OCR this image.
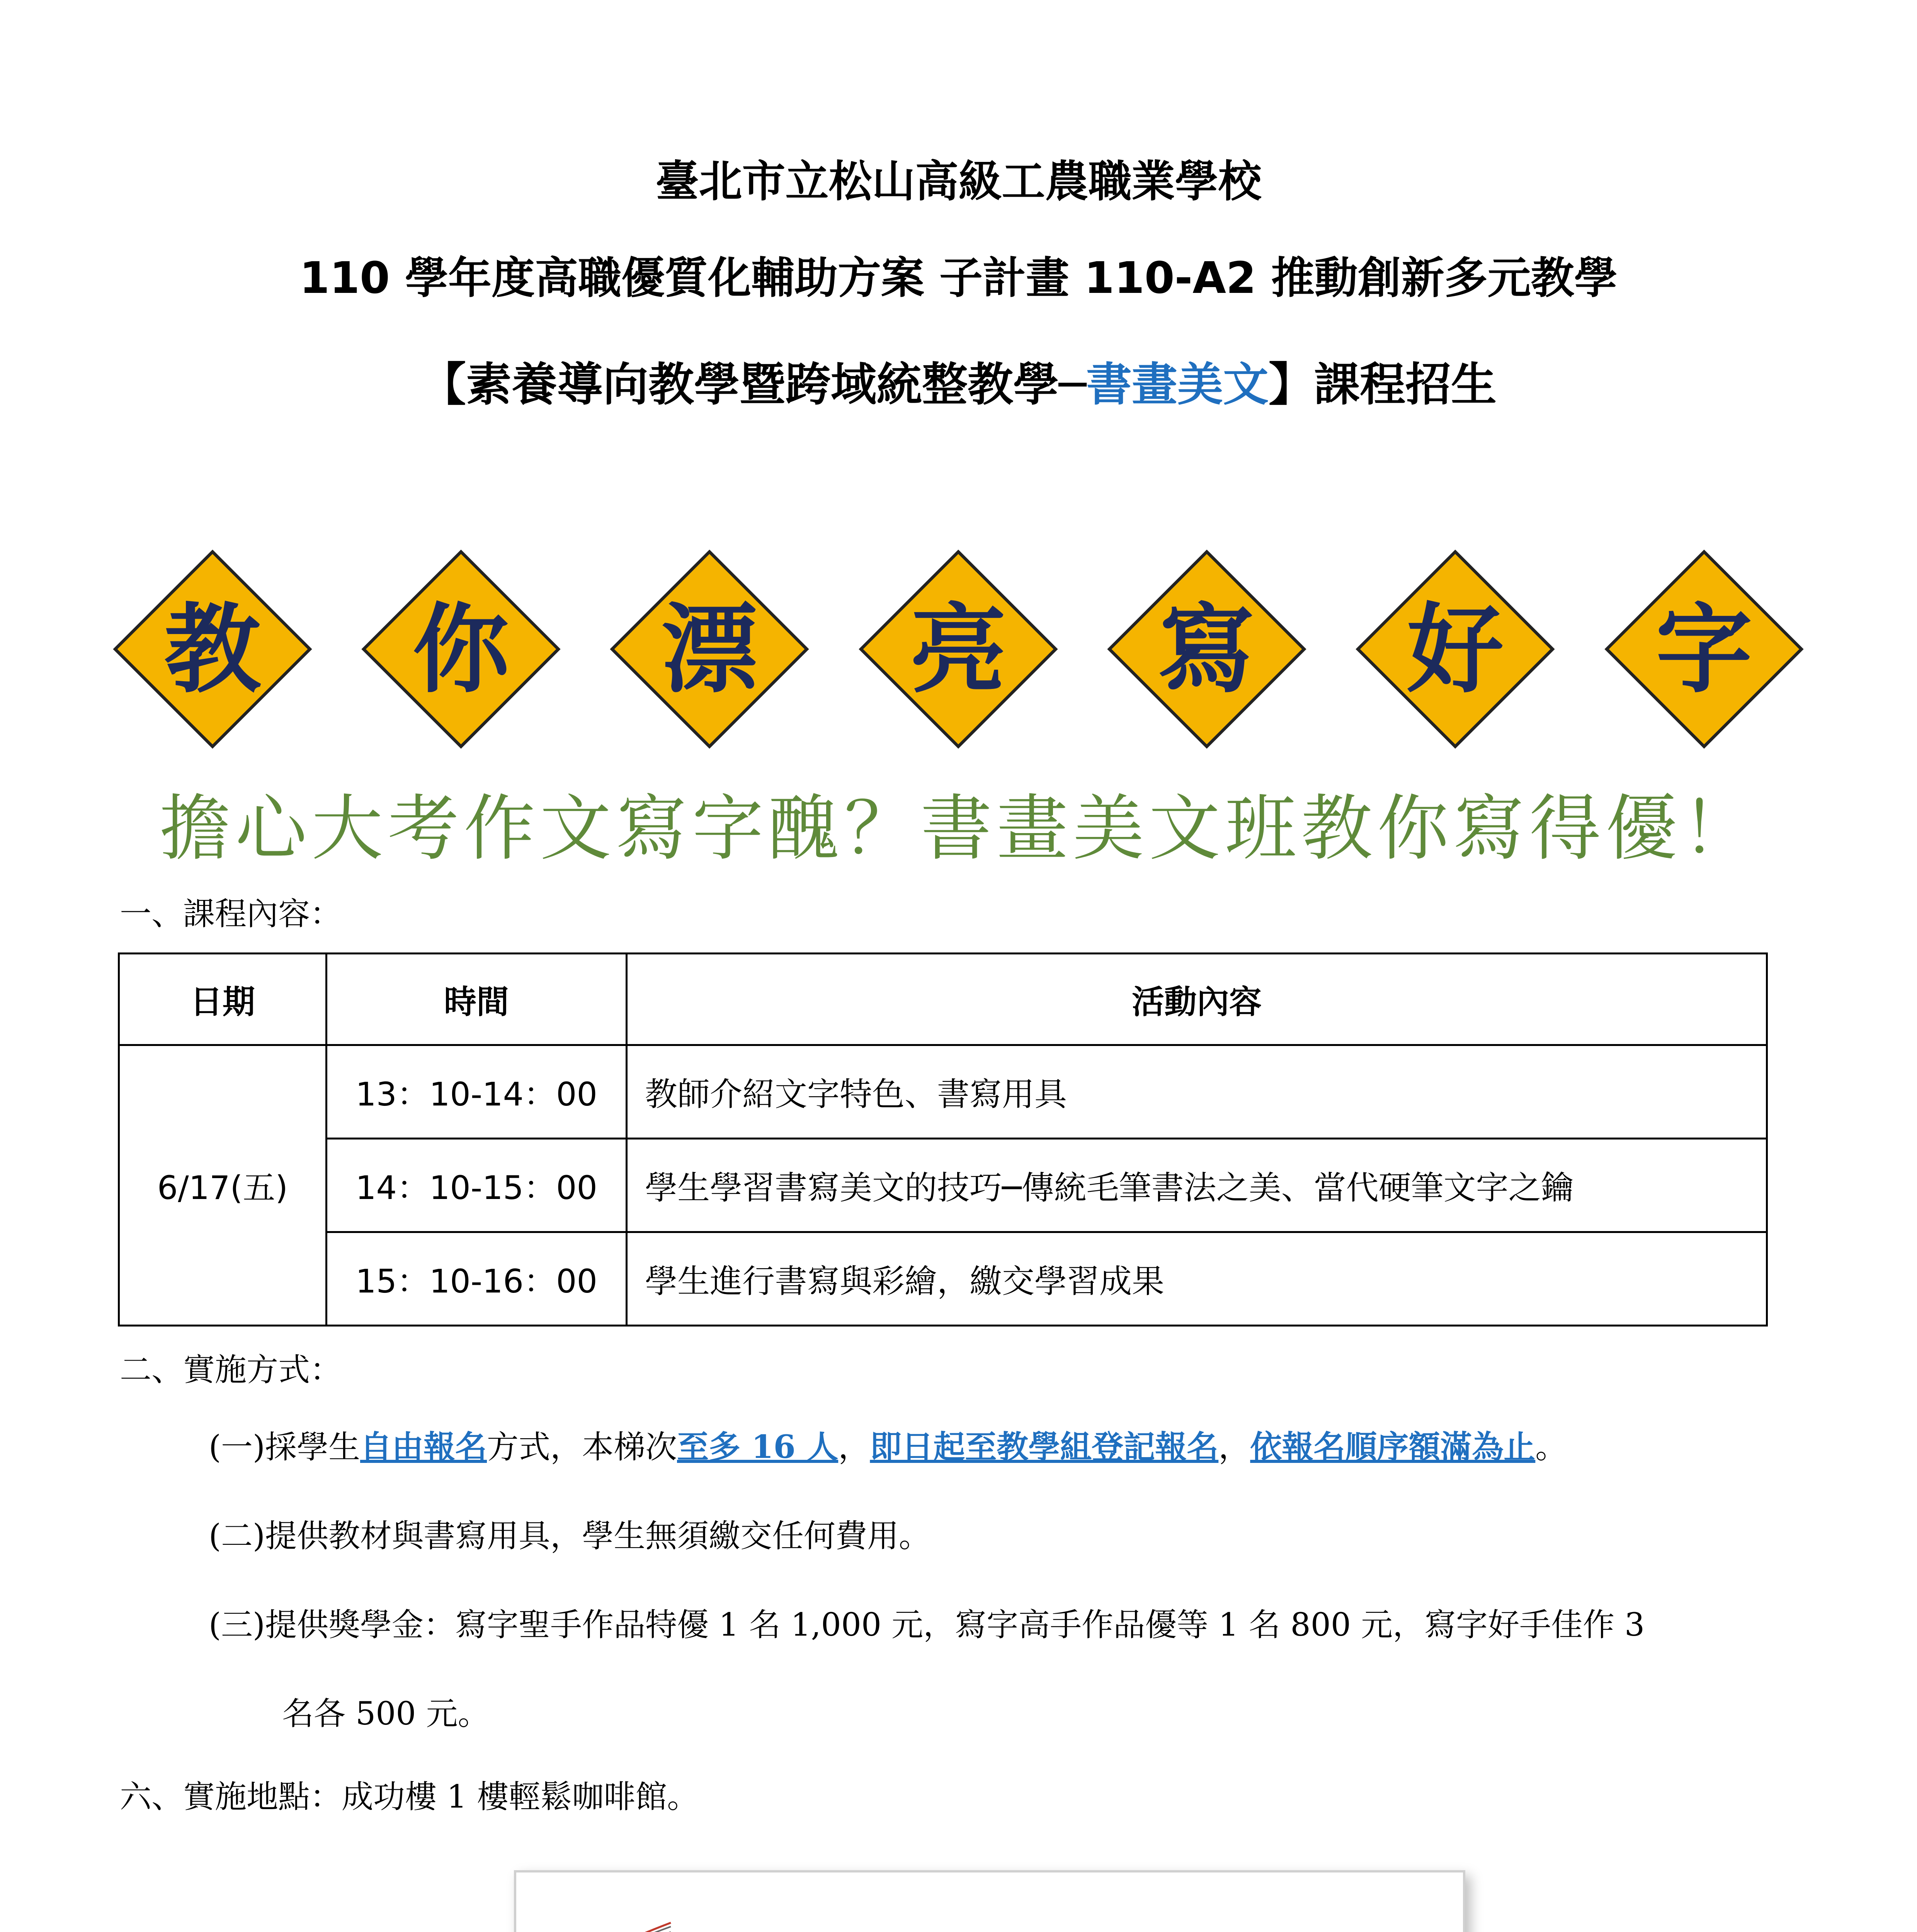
臺北市立松山高級工農職業學校
110 學年度高職優質化輔助方案 子計畫 110-A2 推動創新多元教學
【素養導向教學暨跨域統整教學─書畫美文】課程招生
教	你	漂	亮	寫	好	字
擔心大考作文寫字醜？書畫美文班教你寫得優！
一、課程內容：
日期	時間	活動內容
6/17(五)	13：10-14：00	教師介紹文字特色、書寫用具
	14：10-15：00	學生學習書寫美文的技巧─傳統毛筆書法之美、當代硬筆文字之鑰
	15：10-16：00	學生進行書寫與彩繪，繳交學習成果
二、實施方式：
(一)採學生自由報名方式，本梯次至多 16 人，即日起至教學組登記報名，依報名順序額滿為止。
(二)提供教材與書寫用具，學生無須繳交任何費用。
(三)提供獎學金：寫字聖手作品特優 1 名 1,000 元，寫字高手作品優等 1 名 800 元，寫字好手佳作 3
名各 500 元。
六、實施地點：成功樓 1 樓輕鬆咖啡館。
